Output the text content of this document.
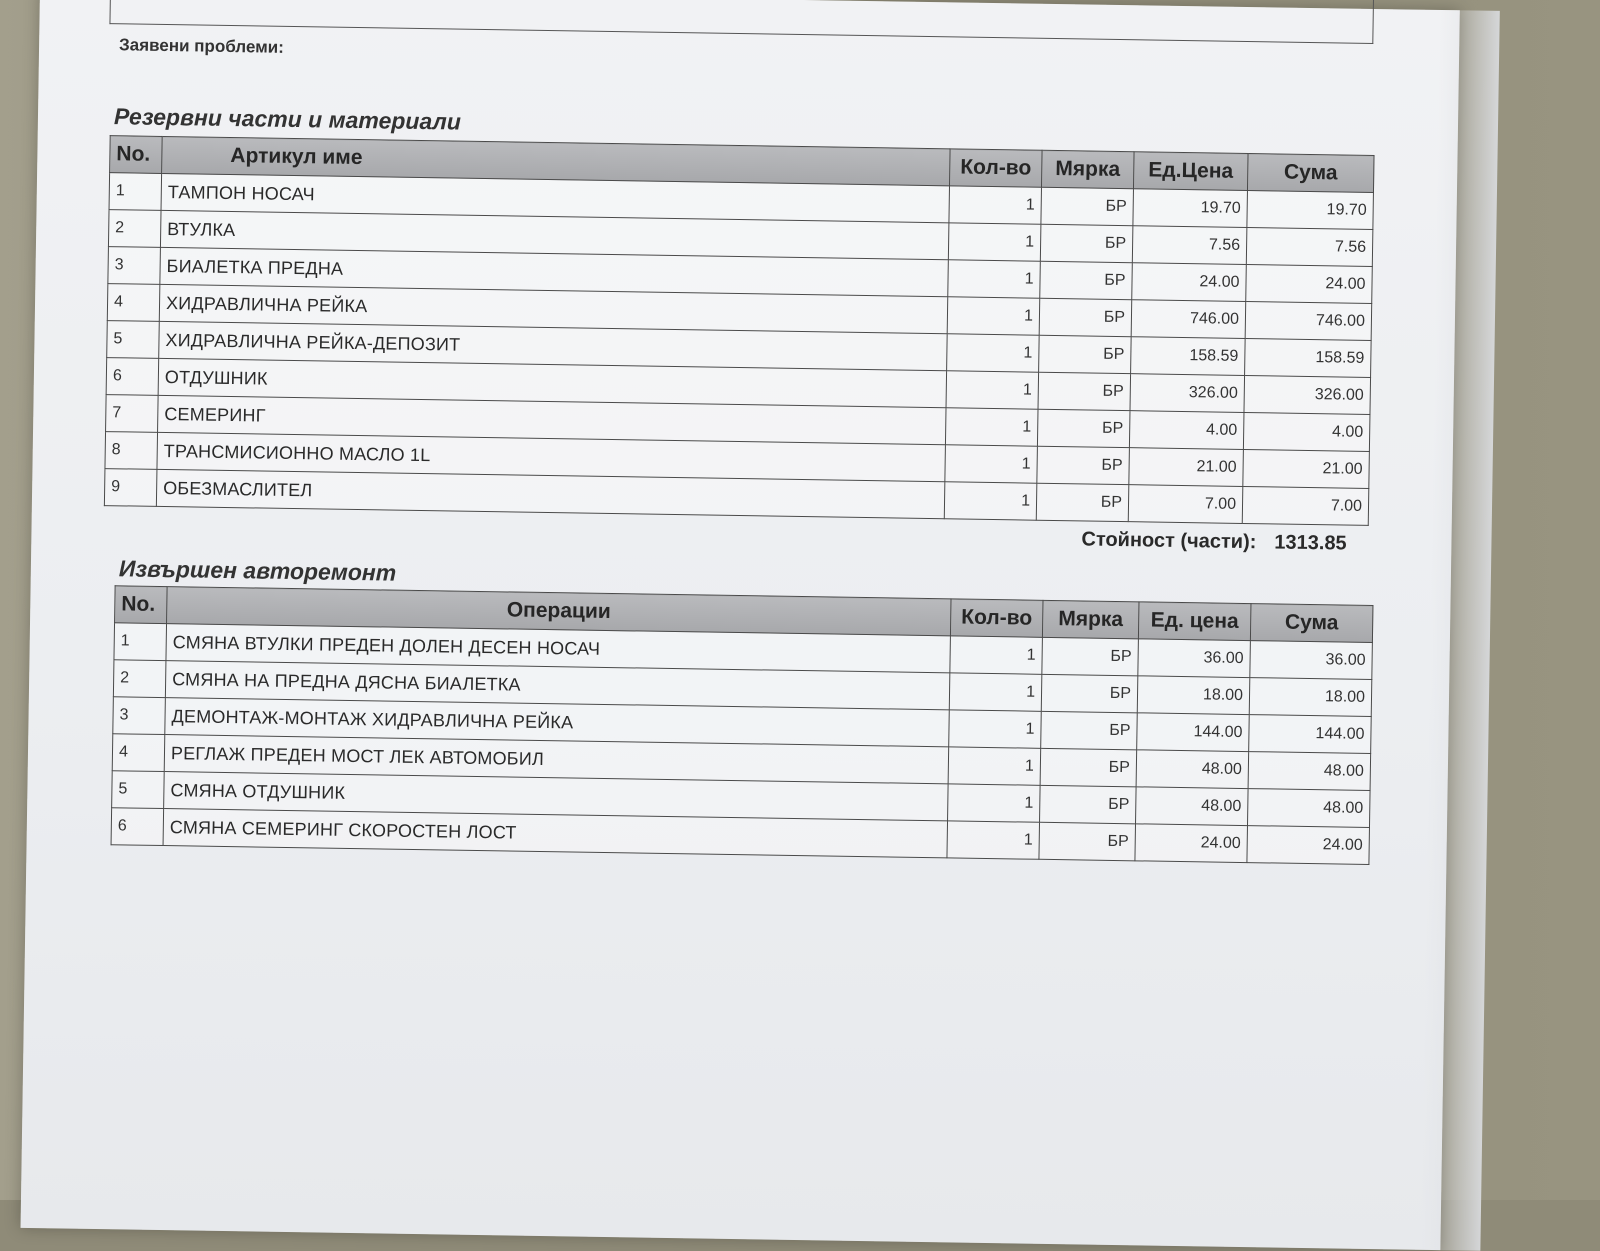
Заявени проблеми:
Резервни части и материали
No.	Артикул име	Кол-во	Мярка	Ед.Цена	Сума
1	ТАМПОН НОСАЧ	1	БР	19.70	19.70
2	ВТУЛКА	1	БР	7.56	7.56
3	БИАЛЕТКА ПРЕДНА	1	БР	24.00	24.00
4	ХИДРАВЛИЧНА РЕЙКА	1	БР	746.00	746.00
5	ХИДРАВЛИЧНА РЕЙКА-ДЕПОЗИТ	1	БР	158.59	158.59
6	ОТДУШНИК	1	БР	326.00	326.00
7	СЕМЕРИНГ	1	БР	4.00	4.00
8	ТРАНСМИСИОННО МАСЛО 1L	1	БР	21.00	21.00
9	ОБЕЗМАСЛИТЕЛ	1	БР	7.00	7.00
Стойност (части): 1313.85
Извършен авторемонт
No.	Операции	Кол-во	Мярка	Ед. цена	Сума
1	СМЯНА ВТУЛКИ ПРЕДЕН ДОЛЕН ДЕСЕН НОСАЧ	1	БР	36.00	36.00
2	СМЯНА НА ПРЕДНА ДЯСНА БИАЛЕТКА	1	БР	18.00	18.00
3	ДЕМОНТАЖ-МОНТАЖ ХИДРАВЛИЧНА РЕЙКА	1	БР	144.00	144.00
4	РЕГЛАЖ ПРЕДЕН МОСТ ЛЕК АВТОМОБИЛ	1	БР	48.00	48.00
5	СМЯНА ОТДУШНИК	1	БР	48.00	48.00
6	СМЯНА СЕМЕРИНГ СКОРОСТЕН ЛОСТ	1	БР	24.00	24.00
